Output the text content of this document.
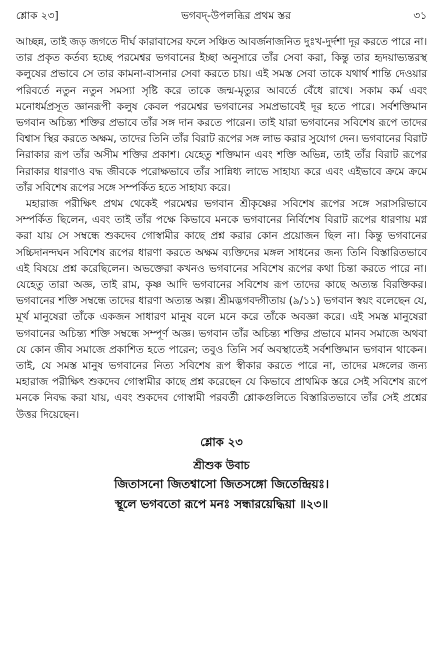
শ্লোক ২৩]	ভগবদ্-উপলব্ধির প্রথম স্তর	৩১

আচ্ছন্ন, তাই জড় জগতে দীর্ঘ কারাবাসের ফলে সঞ্চিত আবর্জনাজনিত দুঃখ-দুর্দশা দূর করতে পারে না। তার প্রকৃত কর্তব্য হচ্ছে পরমেশ্বর ভগবানের ইচ্ছা অনুসারে তাঁর সেবা করা, কিন্তু তার হৃদয়াভ্যন্তরস্থ কলুষের প্রভাবে সে তার কামনা-বাসনার সেবা করতে চায়। এই সমস্ত সেবা তাকে যথার্থ শান্তি দেওয়ার পরিবর্তে নতুন নতুন সমস্যা সৃষ্টি করে তাকে জন্ম-মৃত্যুর আবর্তে বেঁধে রাখে। সকাম কর্ম এবং মনোধর্মপ্রসূত জ্ঞানরূপী কলুষ কেবল পরমেশ্বর ভগবানের সমপ্রভাবেই দূর হতে পারে। সর্বশক্তিমান ভগবান অচিন্ত্য শক্তির প্রভাবে তাঁর সঙ্গ দান করতে পারেন। তাই যারা ভগবানের সবিশেষ রূপে তাদের বিশ্বাস স্থির করতে অক্ষম, তাদের তিনি তাঁর বিরাট রূপের সঙ্গ লাভ করার সুযোগ দেন। ভগবানের বিরাট নিরাকার রূপ তাঁর অসীম শক্তির প্রকাশ। যেহেতু শক্তিমান এবং শক্তি অভিন্ন, তাই তাঁর বিরাট রূপের নিরাকার ধারণাও বদ্ধ জীবকে পরোক্ষভাবে তাঁর সান্নিধ্য লাভে সাহায্য করে এবং এইভাবে ক্রমে ক্রমে তাঁর সবিশেষ রূপের সঙ্গে সম্পর্কিত হতে সাহায্য করে।

মহারাজ পরীক্ষিৎ প্রথম থেকেই পরমেশ্বর ভগবান শ্রীকৃষ্ণের সবিশেষ রূপের সঙ্গে সরাসরিভাবে সম্পর্কিত ছিলেন, এবং তাই তাঁর পক্ষে কিভাবে মনকে ভগবানের নির্বিশেষ বিরাট রূপের ধারণায় মগ্ন করা যায় সে সম্বন্ধে শুকদেব গোস্বামীর কাছে প্রশ্ন করার কোন প্রয়োজন ছিল না। কিন্তু ভগবানের সচ্চিদানন্দঘন সবিশেষ রূপের ধারণা করতে অক্ষম ব্যক্তিদের মঙ্গল সাধনের জন্য তিনি বিস্তারিতভাবে এই বিষয়ে প্রশ্ন করেছিলেন। অভক্তেরা কখনও ভগবানের সবিশেষ রূপের কথা চিন্তা করতে পারে না। যেহেতু তারা অজ্ঞ, তাই রাম, কৃষ্ণ আদি ভগবানের সবিশেষ রূপ তাদের কাছে অত্যন্ত বিরক্তিকর। ভগবানের শক্তি সম্বন্ধে তাদের ধারণা অত্যন্ত অল্প। শ্রীমদ্ভগবদ্গীতায় (৯/১১) ভগবান স্বয়ং বলেছেন যে, মূর্খ মানুষেরা তাঁকে একজন সাধারণ মানুষ বলে মনে করে তাঁকে অবজ্ঞা করে। এই সমস্ত মানুষেরা ভগবানের অচিন্ত্য শক্তি সম্বন্ধে সম্পূর্ণ অজ্ঞ। ভগবান তাঁর অচিন্ত্য শক্তির প্রভাবে মানব সমাজে অথবা যে কোন জীব সমাজে প্রকাশিত হতে পারেন; তবুও তিনি সর্ব অবস্থাতেই সর্বশক্তিমান ভগবান থাকেন। তাই, যে সমস্ত মানুষ ভগবানের নিত্য সবিশেষ রূপ স্বীকার করতে পারে না, তাদের মঙ্গলের জন্য মহারাজ পরীক্ষিৎ শুকদেব গোস্বামীর কাছে প্রশ্ন করেছেন যে কিভাবে প্রাথমিক স্তরে সেই সবিশেষ রূপে মনকে নিবদ্ধ করা যায়, এবং শুকদেব গোস্বামী পরবর্তী শ্লোকগুলিতে বিস্তারিতভাবে তাঁর সেই প্রশ্নের উত্তর দিয়েছেন।

শ্লোক ২৩
শ্রীশুক উবাচ
জিতাসনো জিতশ্বাসো জিতসঙ্গো জিতেন্দ্রিয়ঃ।
স্থূলে ভগবতো রূপে মনঃ সন্ধারয়েদ্ধিয়া ॥২৩॥
